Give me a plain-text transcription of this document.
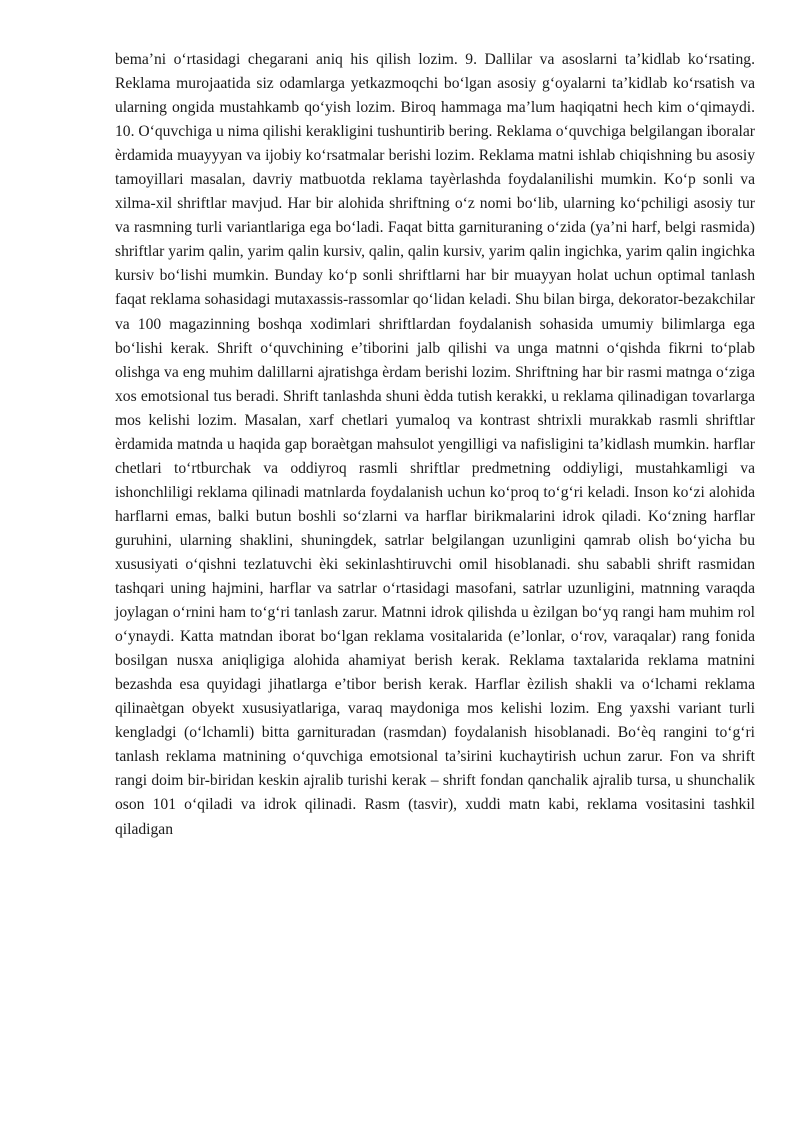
bema’ni o‘rtasidagi chegarani aniq his qilish lozim. 9. Dallilar va asoslarni ta’kidlab ko‘rsating. Reklama murojaatida siz odamlarga yetkazmoqchi bo‘lgan asosiy g‘oyalarni ta’kidlab ko‘rsatish va ularning ongida mustahkamb qo‘yish lozim. Biroq hammaga ma’lum haqiqatni hech kim o‘qimaydi. 10. O‘quvchiga u nima qilishi kerakligini tushuntirib bering. Reklama o‘quvchiga belgilangan iboralar ѐrdamida muayyyan va ijobiy ko‘rsatmalar berishi lozim. Reklama matni ishlab chiqishning bu asosiy tamoyillari masalan, davriy matbuotda reklama tayѐrlashda foydalanilishi mumkin. Ko‘p sonli va xilma-xil shriftlar mavjud. Har bir alohida shriftning o‘z nomi bo‘lib, ularning ko‘pchiligi asosiy tur va rasmning turli variantlariga ega bo‘ladi. Faqat bitta garnituraning o‘zida (ya’ni harf, belgi rasmida) shriftlar yarim qalin, yarim qalin kursiv, qalin, qalin kursiv, yarim qalin ingichka, yarim qalin ingichka kursiv bo‘lishi mumkin. Bunday ko‘p sonli shriftlarni har bir muayyan holat uchun optimal tanlash faqat reklama sohasidagi mutaxassis-rassomlar qo‘lidan keladi. Shu bilan birga, dekorator-bezakchilar va 100 magazinning boshqa xodimlari shriftlardan foydalanish sohasida umumiy bilimlarga ega bo‘lishi kerak. Shrift o‘quvchining e’tiborini jalb qilishi va unga matnni o‘qishda fikrni to‘plab olishga va eng muhim dalillarni ajratishga ѐrdam berishi lozim. Shriftning har bir rasmi matnga o‘ziga xos emotsional tus beradi. Shrift tanlashda shuni ѐdda tutish kerakki, u reklama qilinadigan tovarlarga mos kelishi lozim. Masalan, xarf chetlari yumaloq va kontrast shtrixli murakkab rasmli shriftlar ѐrdamida matnda u haqida gap boraѐtgan mahsulot yengilligi va nafisligini ta’kidlash mumkin. harflar chetlari to‘rtburchak va oddiyroq rasmli shriftlar predmetning oddiyligi, mustahkamligi va ishonchliligi reklama qilinadi matnlarda foydalanish uchun ko‘proq to‘g‘ri keladi. Inson ko‘zi alohida harflarni emas, balki butun boshli so‘zlarni va harflar birikmalarini idrok qiladi. Ko‘zning harflar guruhini, ularning shaklini, shuningdek, satrlar belgilangan uzunligini qamrab olish bo‘yicha bu xususiyati o‘qishni tezlatuvchi ѐki sekinlashtiruvchi omil hisoblanadi. shu sababli shrift rasmidan tashqari uning hajmini, harflar va satrlar o‘rtasidagi masofani, satrlar uzunligini, matnning varaqda joylagan o‘rnini ham to‘g‘ri tanlash zarur. Matnni idrok qilishda u ѐzilgan bo‘yq rangi ham muhim rol o‘ynaydi. Katta matndan iborat bo‘lgan reklama vositalarida (e’lonlar, o‘rov, varaqalar) rang fonida bosilgan nusxa aniqligiga alohida ahamiyat berish kerak. Reklama taxtalarida reklama matnini bezashda esa quyidagi jihatlarga e’tibor berish kerak. Harflar ѐzilish shakli va o‘lchami reklama qilinaѐtgan obyekt xususiyatlariga, varaq maydoniga mos kelishi lozim. Eng yaxshi variant turli kengladgi (o‘lchamli) bitta garnituradan (rasmdan) foydalanish hisoblanadi. Bo‘ѐq rangini to‘g‘ri tanlash reklama matnining o‘quvchiga emotsional ta’sirini kuchaytirish uchun zarur. Fon va shrift rangi doim bir-biridan keskin ajralib turishi kerak – shrift fondan qanchalik ajralib tursa, u shunchalik oson 101 o‘qiladi va idrok qilinadi. Rasm (tasvir), xuddi matn kabi, reklama vositasini tashkil qiladigan
